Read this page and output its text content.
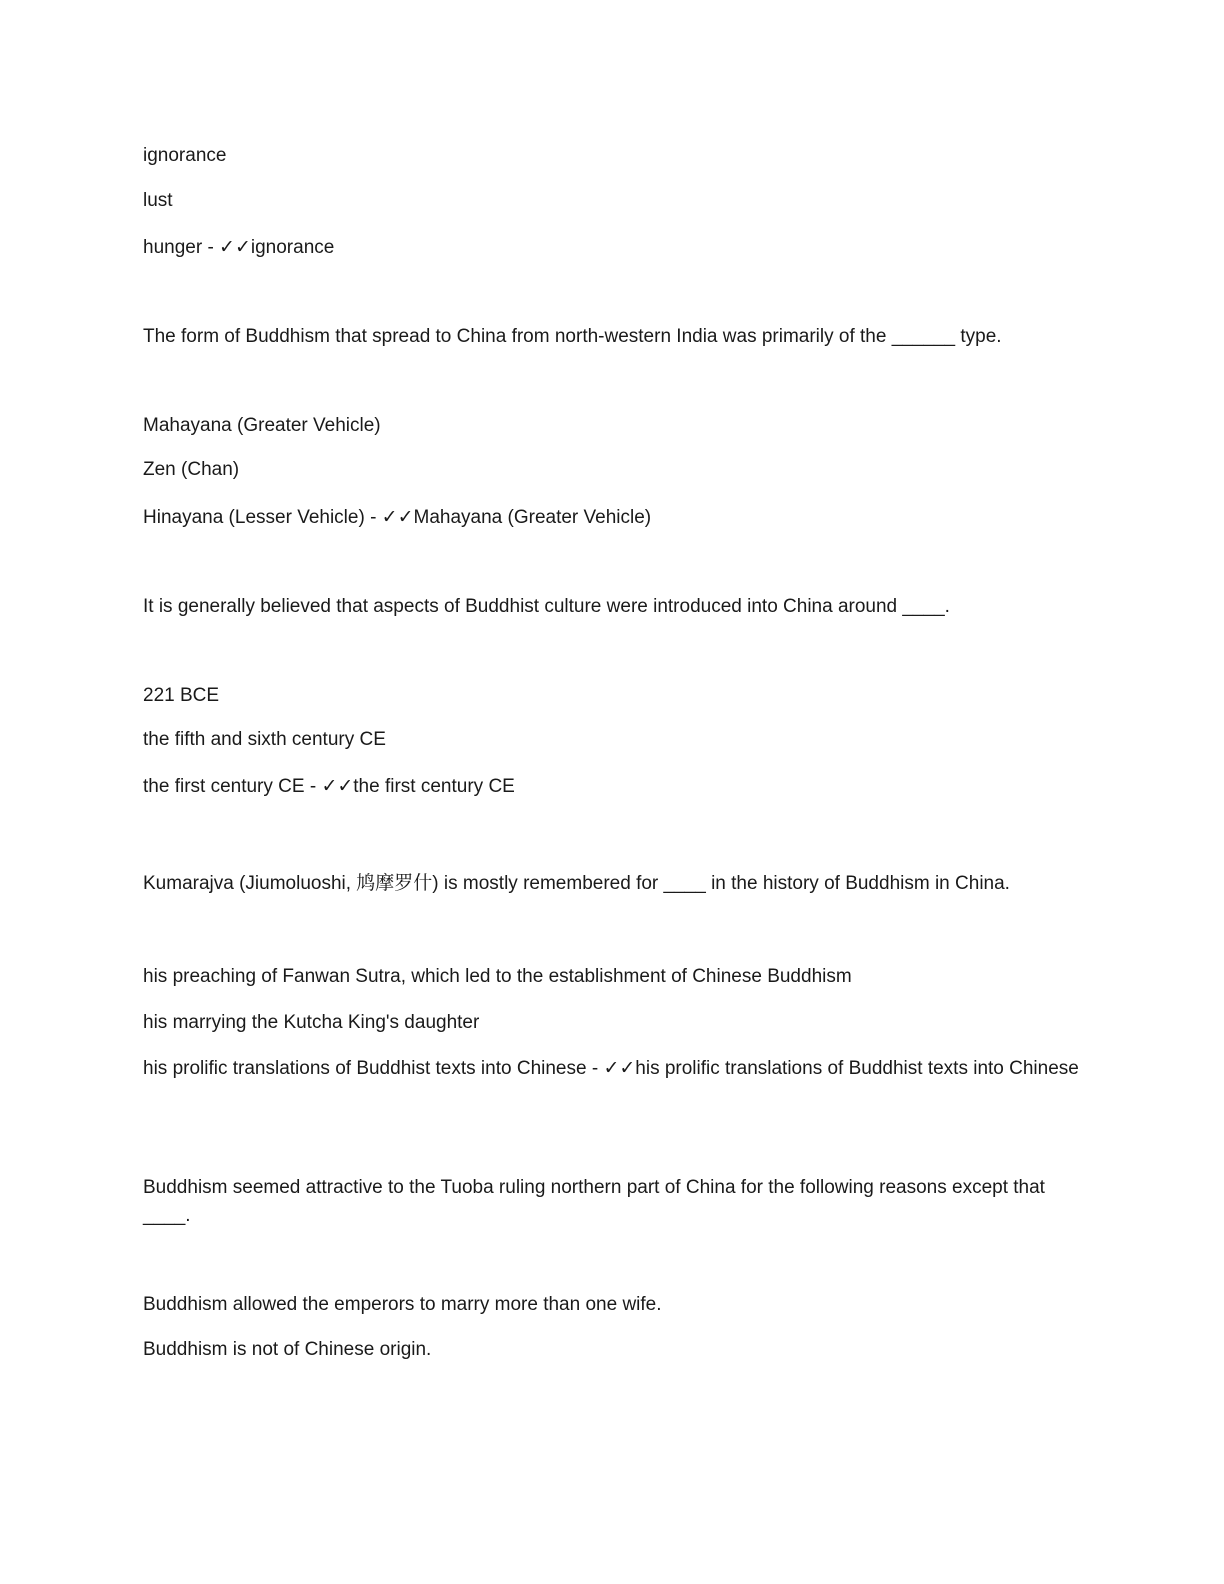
ignorance
lust
hunger - ✓✓ignorance
The form of Buddhism that spread to China from north-western India was primarily of the ______ type.
Mahayana (Greater Vehicle)
Zen (Chan)
Hinayana (Lesser Vehicle) - ✓✓Mahayana (Greater Vehicle)
It is generally believed that aspects of Buddhist culture were introduced into China around ____.
221 BCE
the fifth and sixth century CE
the first century CE - ✓✓the first century CE
Kumarajva (Jiumoluoshi, 鸠摩罗什) is mostly remembered for ____ in the history of Buddhism in China.
his preaching of Fanwan Sutra, which led to the establishment of Chinese Buddhism
his marrying the Kutcha King's daughter
his prolific translations of Buddhist texts into Chinese - ✓✓his prolific translations of Buddhist texts into Chinese
Buddhism seemed attractive to the Tuoba ruling northern part of China for the following reasons except that ____.
Buddhism allowed the emperors to marry more than one wife.
Buddhism is not of Chinese origin.
